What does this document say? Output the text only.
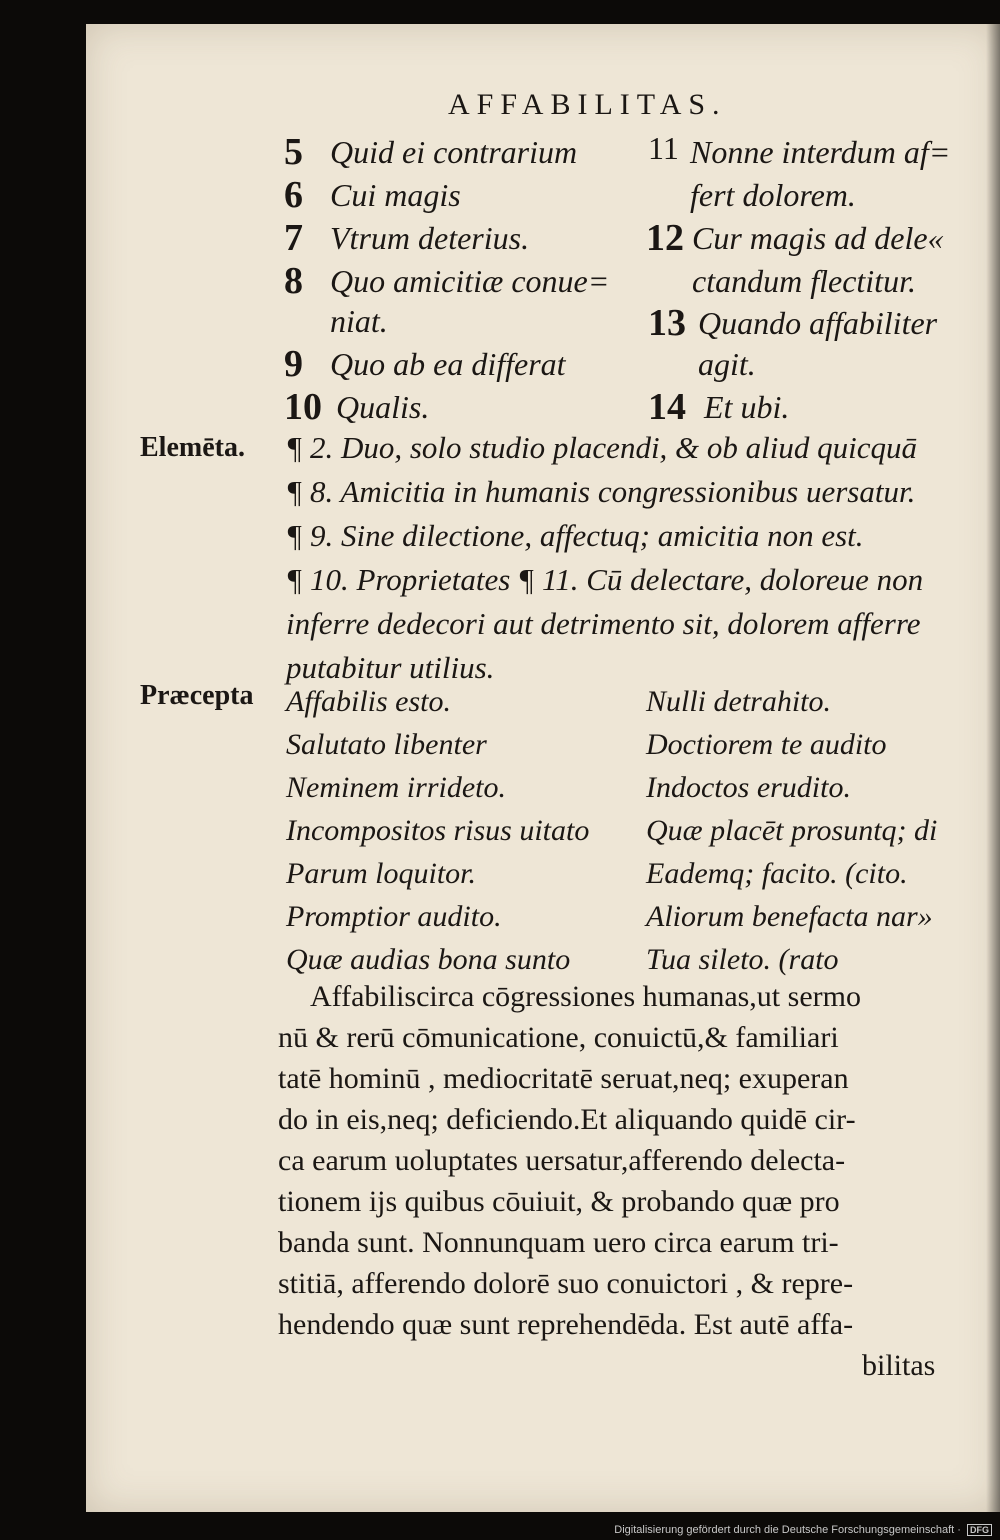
AFFABILITAS.
5 Quid ei contrarium
6 Cui magis
7 Vtrum deterius.
8 Quo amicitiæ conue=
niat.
9 Quo ab ea differat
10 Qualis.
11 Nonne interdum af=
fert dolorem.
12 Cur magis ad dele«
ctandum flectitur.
13 Quando affabiliter
agit.
14 Et ubi.
Elemēta. ¶ 2. Duo, solo studio placendi, & ob aliud quicquā
¶ 8. Amicitia in humanis congressionibus uersatur.
¶ 9. Sine dilectione, affectuq; amicitia non est.
¶ 10. Proprietates ¶ 11. Cū delectare, doloreue non
inferre dedecori aut detrimento sit, dolorem afferre
putabitur utilius.
Præcepta Affabilis esto.
Salutato libenter
Neminem irrideto.
Incompositos risus uitato
Parum loquitor.
Promptior audito.
Quæ audias bona sunto
Nulli detrahito.
Doctiorem te audito
Indoctos erudito.
Quæ placēt prosuntq; di
Eademq; facito. (cito.
Aliorum benefacta nar»
Tua sileto. (rato
Affabiliscirca cōgressiones humanas,ut sermo
nū & rerū cōmunicatione, conuictū,& familiari
tatē hominū , mediocritatē seruat,neq; exuperan
do in eis,neq; deficiendo.Et aliquando quidē cir-
ca earum uoluptates uersatur,afferendo delecta-
tionem ijs quibus cōuiuit, & probando quæ pro
banda sunt. Nonnunquam uero circa earum tri-
stitiā, afferendo dolorē suo conuictori , & repre-
hendendo quæ sunt reprehendēda. Est autē affa-
bilitas
Digitalisierung gefördert durch die Deutsche Forschungsgemeinschaft · DFG
